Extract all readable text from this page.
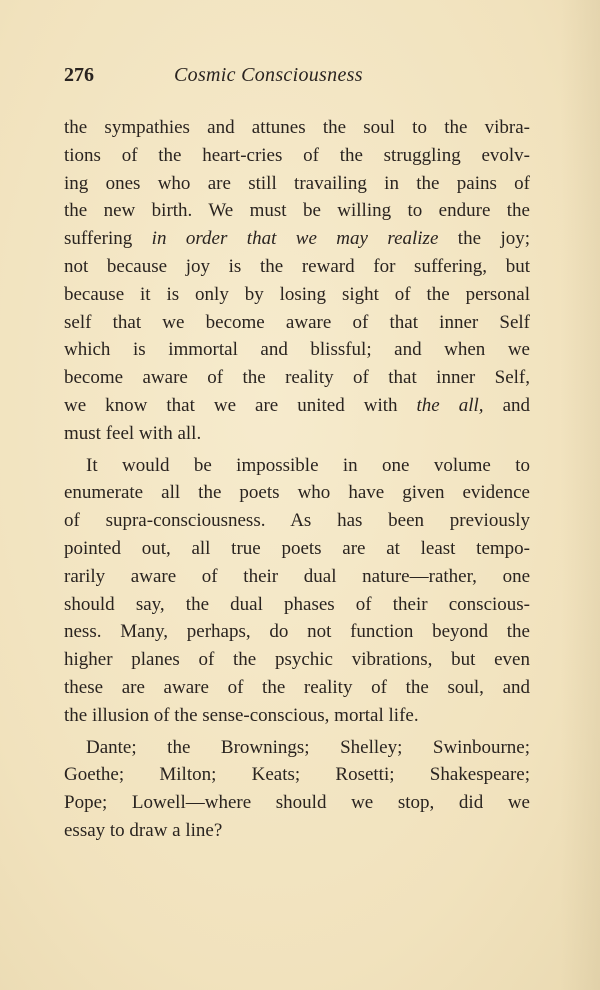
276	Cosmic Consciousness
the sympathies and attunes the soul to the vibra-
tions of the heart-cries of the struggling evolv-
ing ones who are still travailing in the pains of
the new birth. We must be willing to endure the
suffering in order that we may realize the joy;
not because joy is the reward for suffering, but
because it is only by losing sight of the personal
self that we become aware of that inner Self
which is immortal and blissful; and when we
become aware of the reality of that inner Self,
we know that we are united with the all, and
must feel with all.
It would be impossible in one volume to
enumerate all the poets who have given evidence
of supra-consciousness. As has been previously
pointed out, all true poets are at least tempo-
rarily aware of their dual nature—rather, one
should say, the dual phases of their conscious-
ness. Many, perhaps, do not function beyond the
higher planes of the psychic vibrations, but even
these are aware of the reality of the soul, and
the illusion of the sense-conscious, mortal life.
Dante; the Brownings; Shelley; Swinbourne;
Goethe; Milton; Keats; Rosetti; Shakespeare;
Pope; Lowell—where should we stop, did we
essay to draw a line?
